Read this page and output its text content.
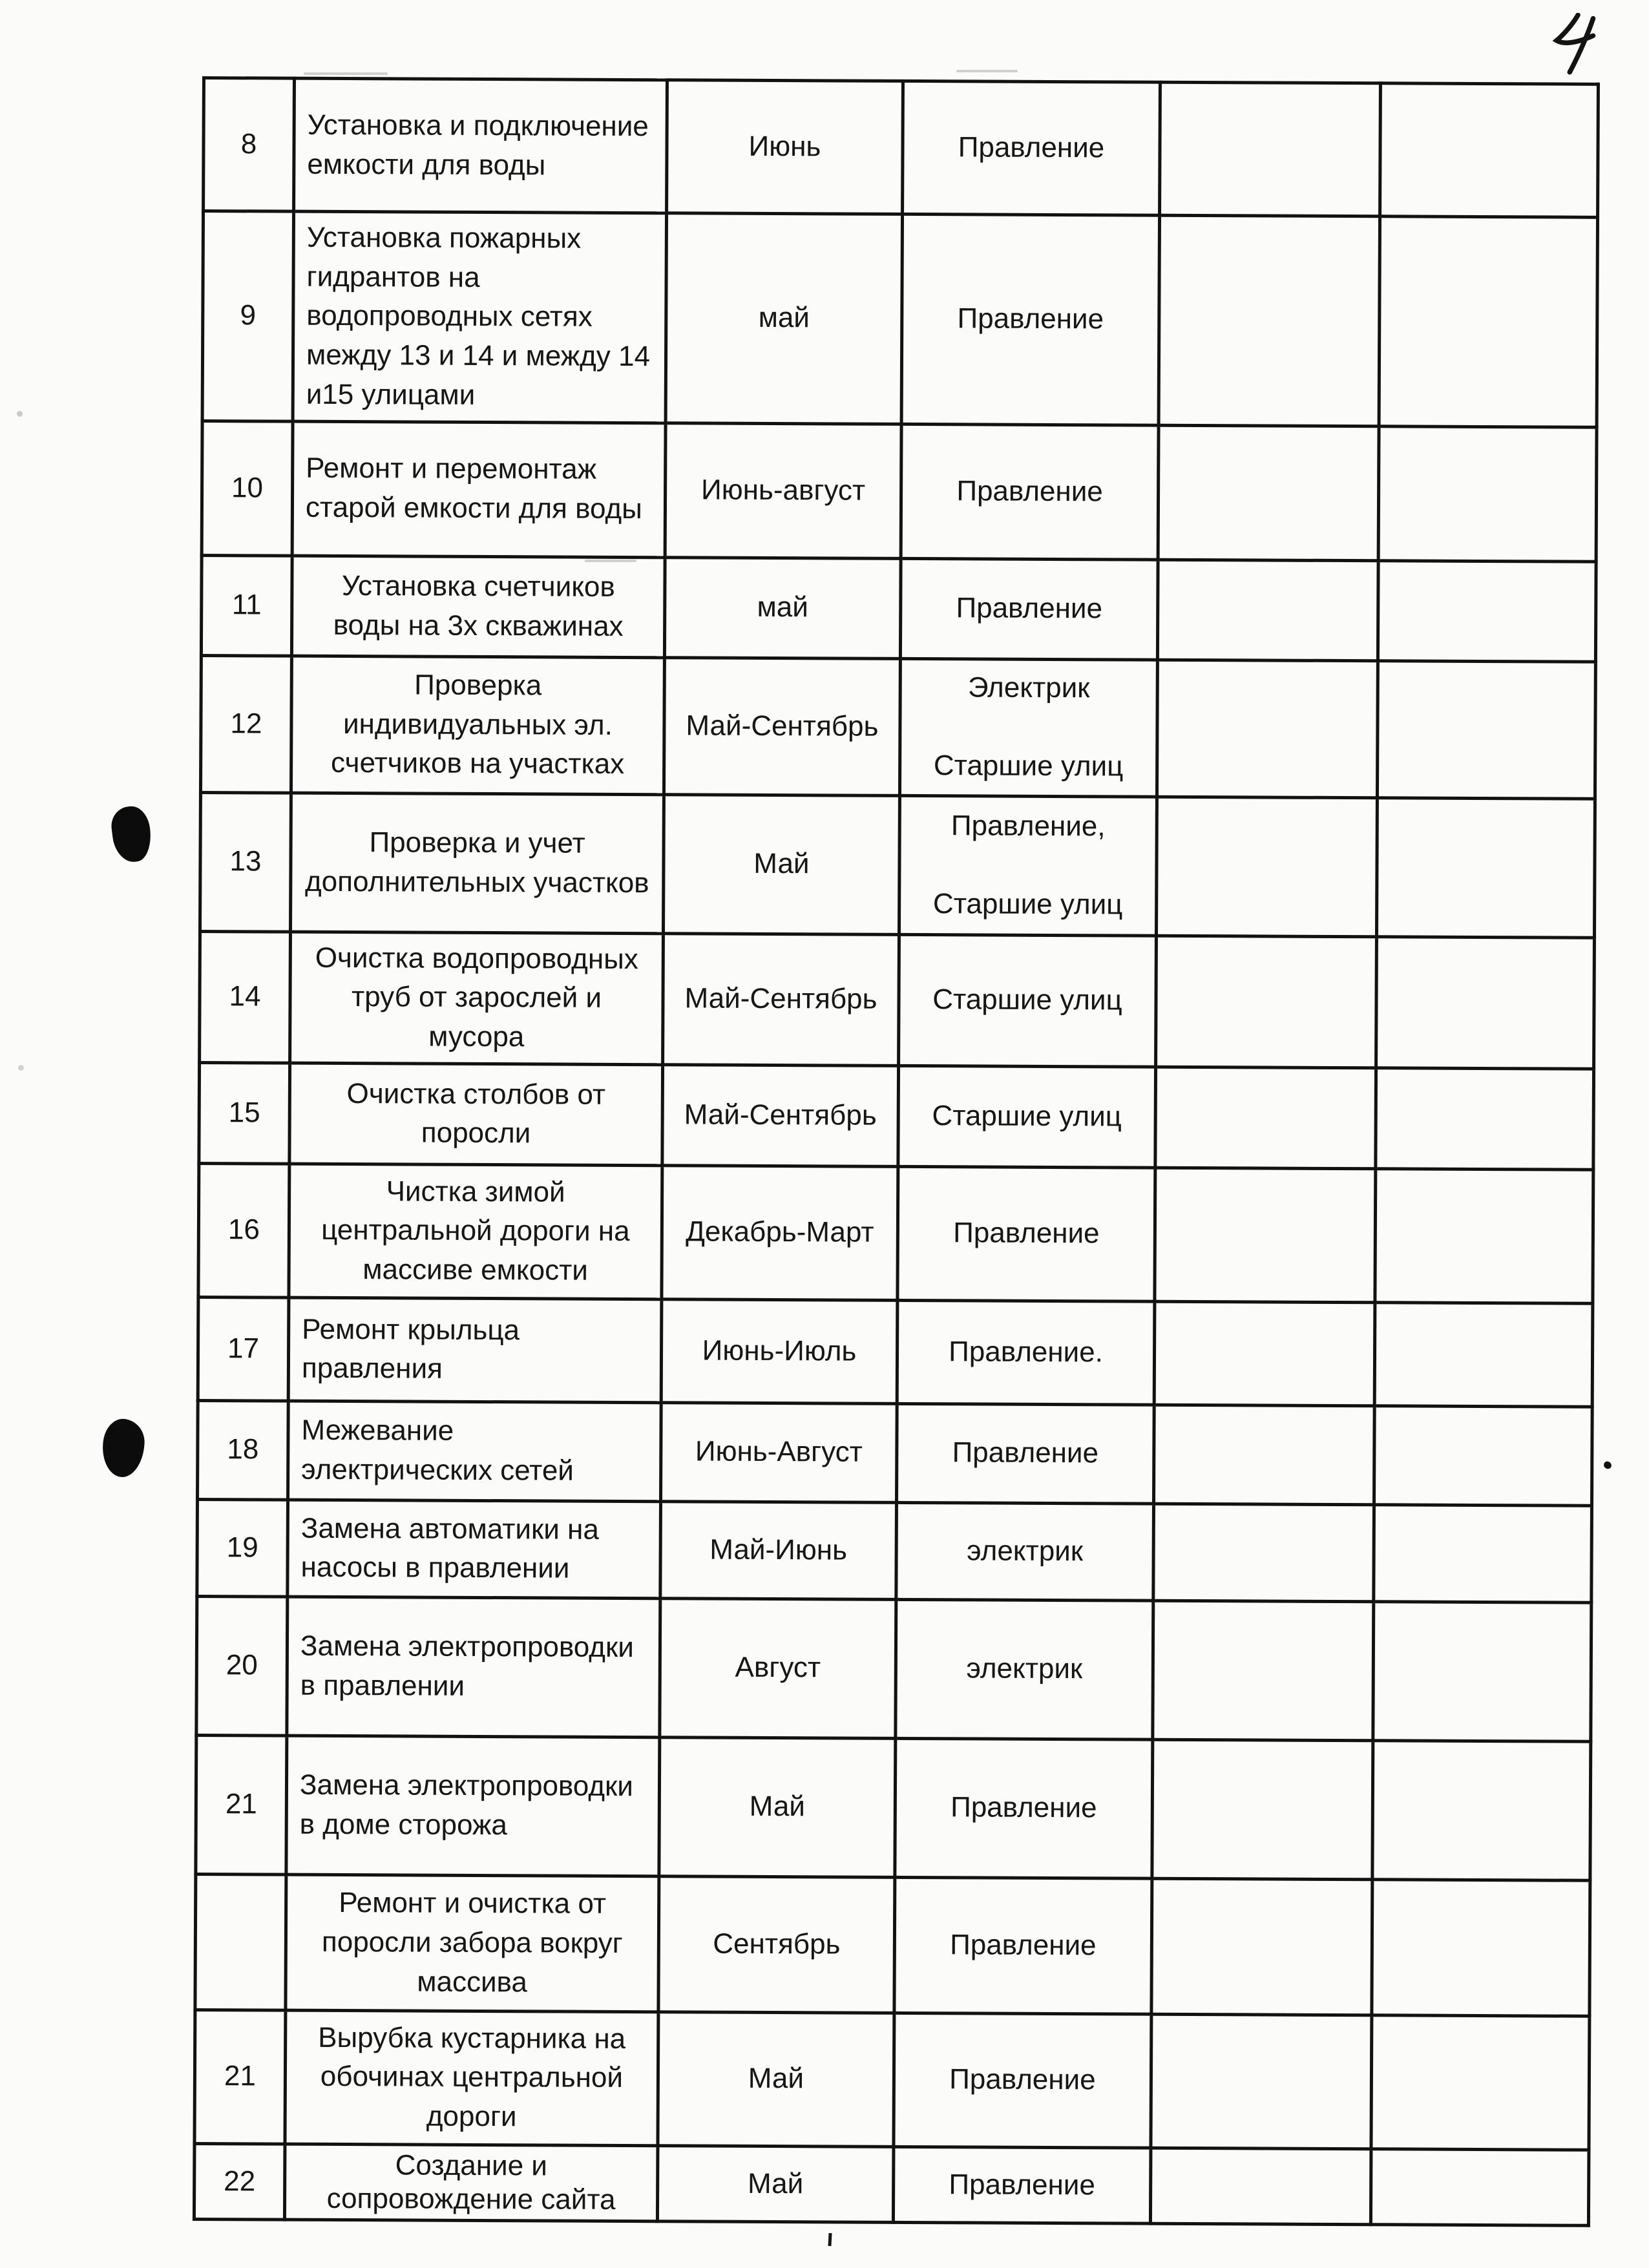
8	Установка и подключение емкости для воды	Июнь	Правление		
9	Установка пожарных гидрантов на водопроводных сетях между 13 и 14 и между 14 и15 улицами	май	Правление		
10	Ремонт и перемонтаж старой емкости для воды	Июнь-август	Правление		
11	Установка счетчиков воды на 3х скважинах	май	Правление		
12	Проверка индивидуальных эл. счетчиков на участках	Май-Сентябрь	Электрик

Старшие улиц		
13	Проверка и учет дополнительных участков	Май	Правление,

Старшие улиц		
14	Очистка водопроводных труб от зарослей и мусора	Май-Сентябрь	Старшие улиц		
15	Очистка столбов от поросли	Май-Сентябрь	Старшие улиц		
16	Чистка зимой центральной дороги на массиве емкости	Декабрь-Март	Правление		
17	Ремонт крыльца правления	Июнь-Июль	Правление.		
18	Межевание электрических сетей	Июнь-Август	Правление		
19	Замена автоматики на насосы в правлении	Май-Июнь	электрик		
20	Замена электропроводки в правлении	Август	электрик		
21	Замена электропроводки в доме сторожа	Май	Правление		
	Ремонт и очистка от поросли забора вокруг массива	Сентябрь	Правление		
21	Вырубка кустарника на обочинах центральной дороги	Май	Правление		
22	Создание и сопровождение сайта	Май	Правление		
